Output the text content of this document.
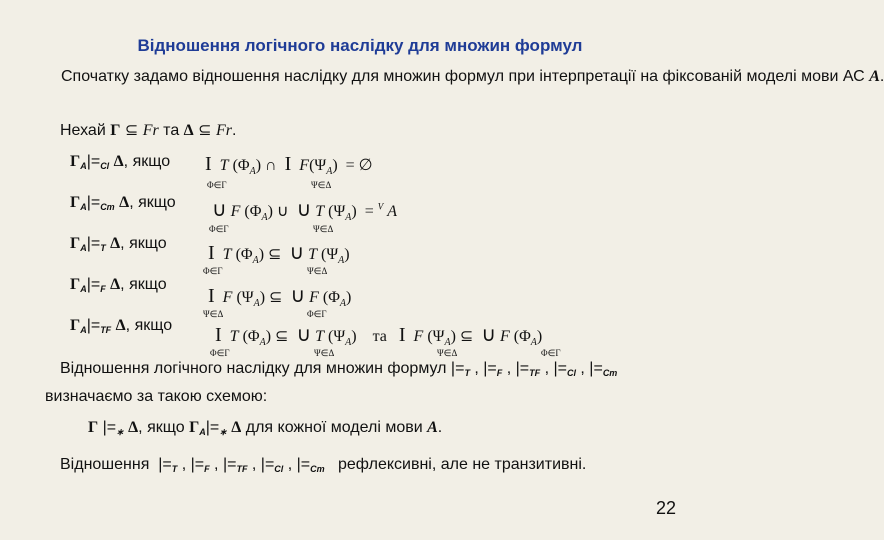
Відношення логічного наслідку для множин формул
Спочатку задамо відношення наслідку для множин формул при інтерпретації на фіксованій моделі мови АС A.
Нехай Γ ⊆ Fr та Δ ⊆ Fr.
ΓA|=Cl Δ, якщо I T $(\Phi_A)$ ∩  I $F(\Psi_A)$  = ∅
Φ∈Γ	Ψ∈Δ
ΓA|=Cm Δ, якщо ∪ F $(\Phi_A)$ ∪  ∪ T $(\Psi_A) = ^V$ A
Φ∈Γ	Ψ∈Δ
ΓA|=T Δ, якщо I T $(\Phi_A)$ ⊆  ∪ T $(\Psi_A)$
Φ∈Γ	Ψ∈Δ
ΓA|=F Δ, якщо
I F $(\Psi_A)$ ⊆  ∪ F $(\Phi_A)$
Ψ∈Δ	Φ∈Γ
ΓA|=TF Δ, якщо I T $(\Phi_A)$ ⊆  ∪ T $(\Psi_A)$    та   I F $(\Psi_A)$ ⊆  ∪ F $(\Phi_A)$
Φ∈Γ	Ψ∈Δ	Ψ∈Δ	Φ∈Γ
Відношення логічного наслідку для множин формул |=T , |=F , |=TF , |=Cl , |=Cm
визначаємо за такою схемою:
Γ |=∗ Δ, якщо ΓA|=∗ Δ для кожної моделі мови A.
Відношення  |=T , |=F , |=TF , |=Cl , |=Cm рефлексивні, але не транзитивні.
22
